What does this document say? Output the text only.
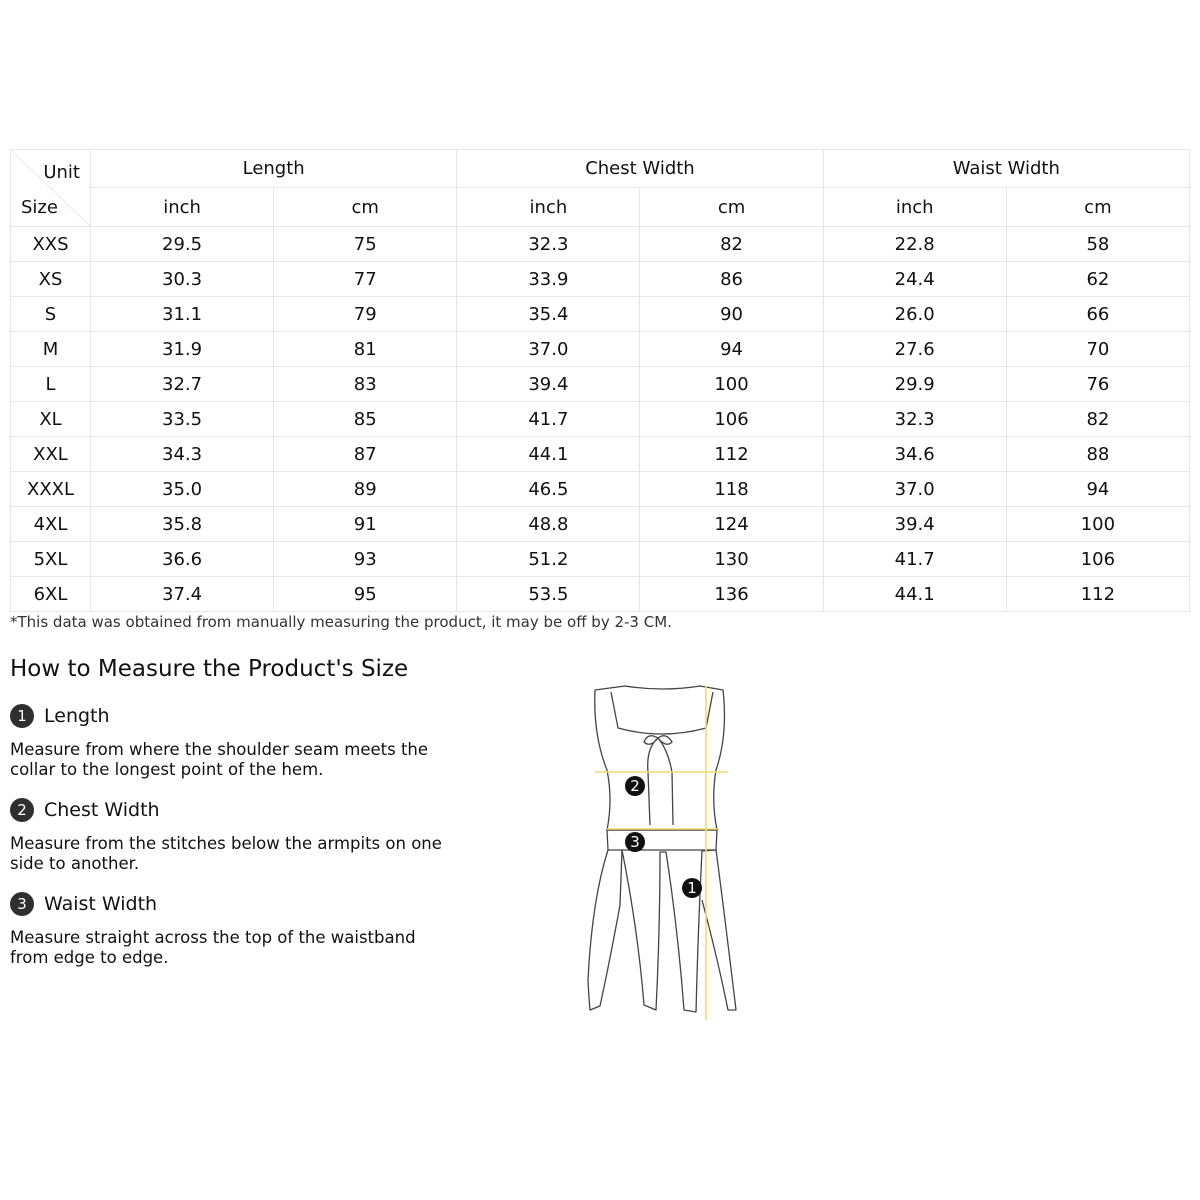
Unit
Size	Length		Chest Width		Waist Width	
	inch	cm	inch	cm	inch	cm
XXS	29.5	75	32.3	82	22.8	58
XS	30.3	77	33.9	86	24.4	62
S	31.1	79	35.4	90	26.0	66
M	31.9	81	37.0	94	27.6	70
L	32.7	83	39.4	100	29.9	76
XL	33.5	85	41.7	106	32.3	82
XXL	34.3	87	44.1	112	34.6	88
XXXL	35.0	89	46.5	118	37.0	94
4XL	35.8	91	48.8	124	39.4	100
5XL	36.6	93	51.2	130	41.7	106
6XL	37.4	95	53.5	136	44.1	112
*This data was obtained from manually measuring the product, it may be off by 2-3 CM.
How to Measure the Product's Size
1 Length
Measure from where the shoulder seam meets the collar to the longest point of the hem.
2 Chest Width
Measure from the stitches below the armpits on one side to another.
3 Waist Width
Measure straight across the top of the waistband from edge to edge.
2
3
1
